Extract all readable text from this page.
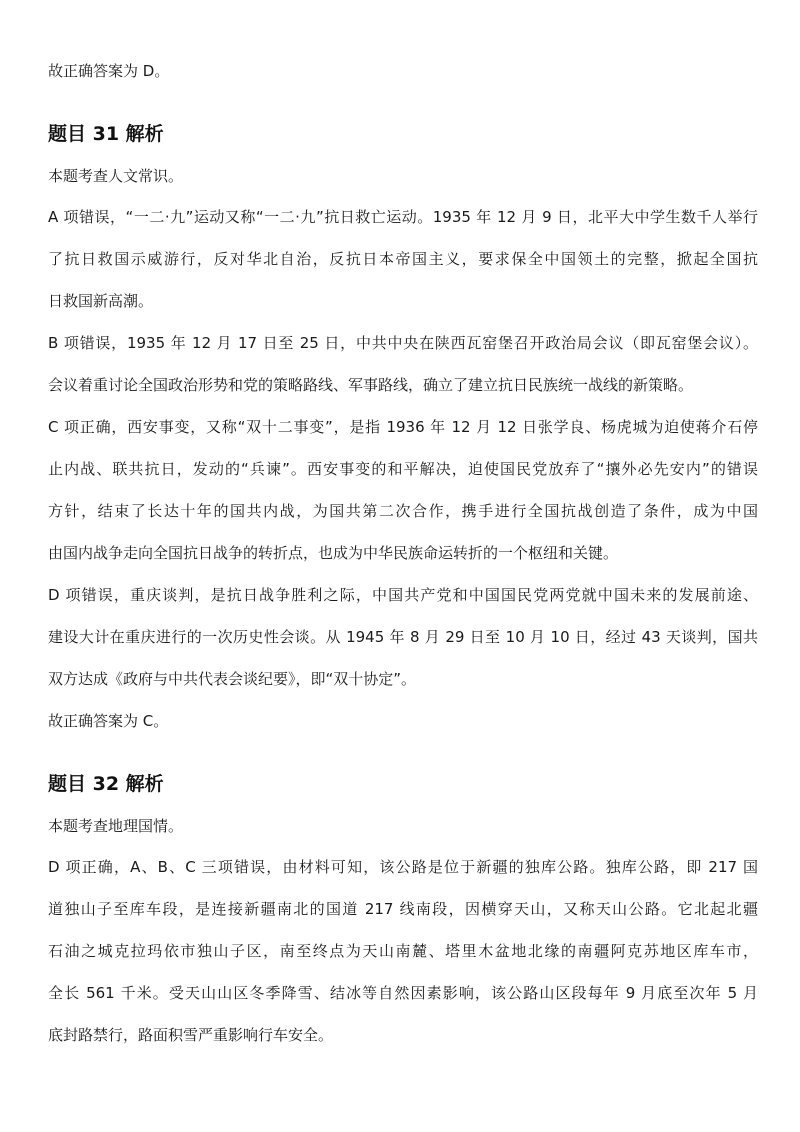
故正确答案为 D。
题目 31 解析
本题考查人文常识。
A 项错误，“一二·九”运动又称“一二·九”抗日救亡运动。1935 年 12 月 9 日，北平大中学生数千人举行
了抗日救国示威游行，反对华北自治，反抗日本帝国主义，要求保全中国领土的完整，掀起全国抗
日救国新高潮。
B 项错误，1935 年 12 月 17 日至 25 日，中共中央在陕西瓦窑堡召开政治局会议（即瓦窑堡会议）。
会议着重讨论全国政治形势和党的策略路线、军事路线，确立了建立抗日民族统一战线的新策略。
C 项正确，西安事变，又称“双十二事变”，是指 1936 年 12 月 12 日张学良、杨虎城为迫使蒋介石停
止内战、联共抗日，发动的“兵谏”。西安事变的和平解决，迫使国民党放弃了“攘外必先安内”的错误
方针，结束了长达十年的国共内战，为国共第二次合作，携手进行全国抗战创造了条件，成为中国
由国内战争走向全国抗日战争的转折点，也成为中华民族命运转折的一个枢纽和关键。
D 项错误，重庆谈判，是抗日战争胜利之际，中国共产党和中国国民党两党就中国未来的发展前途、
建设大计在重庆进行的一次历史性会谈。从 1945 年 8 月 29 日至 10 月 10 日，经过 43 天谈判，国共
双方达成《政府与中共代表会谈纪要》，即“双十协定”。
故正确答案为 C。
题目 32 解析
本题考查地理国情。
D 项正确，A、B、C 三项错误，由材料可知，该公路是位于新疆的独库公路。独库公路，即 217 国
道独山子至库车段，是连接新疆南北的国道 217 线南段，因横穿天山，又称天山公路。它北起北疆
石油之城克拉玛依市独山子区，南至终点为天山南麓、塔里木盆地北缘的南疆阿克苏地区库车市，
全长 561 千米。受天山山区冬季降雪、结冰等自然因素影响，该公路山区段每年 9 月底至次年 5 月
底封路禁行，路面积雪严重影响行车安全。
